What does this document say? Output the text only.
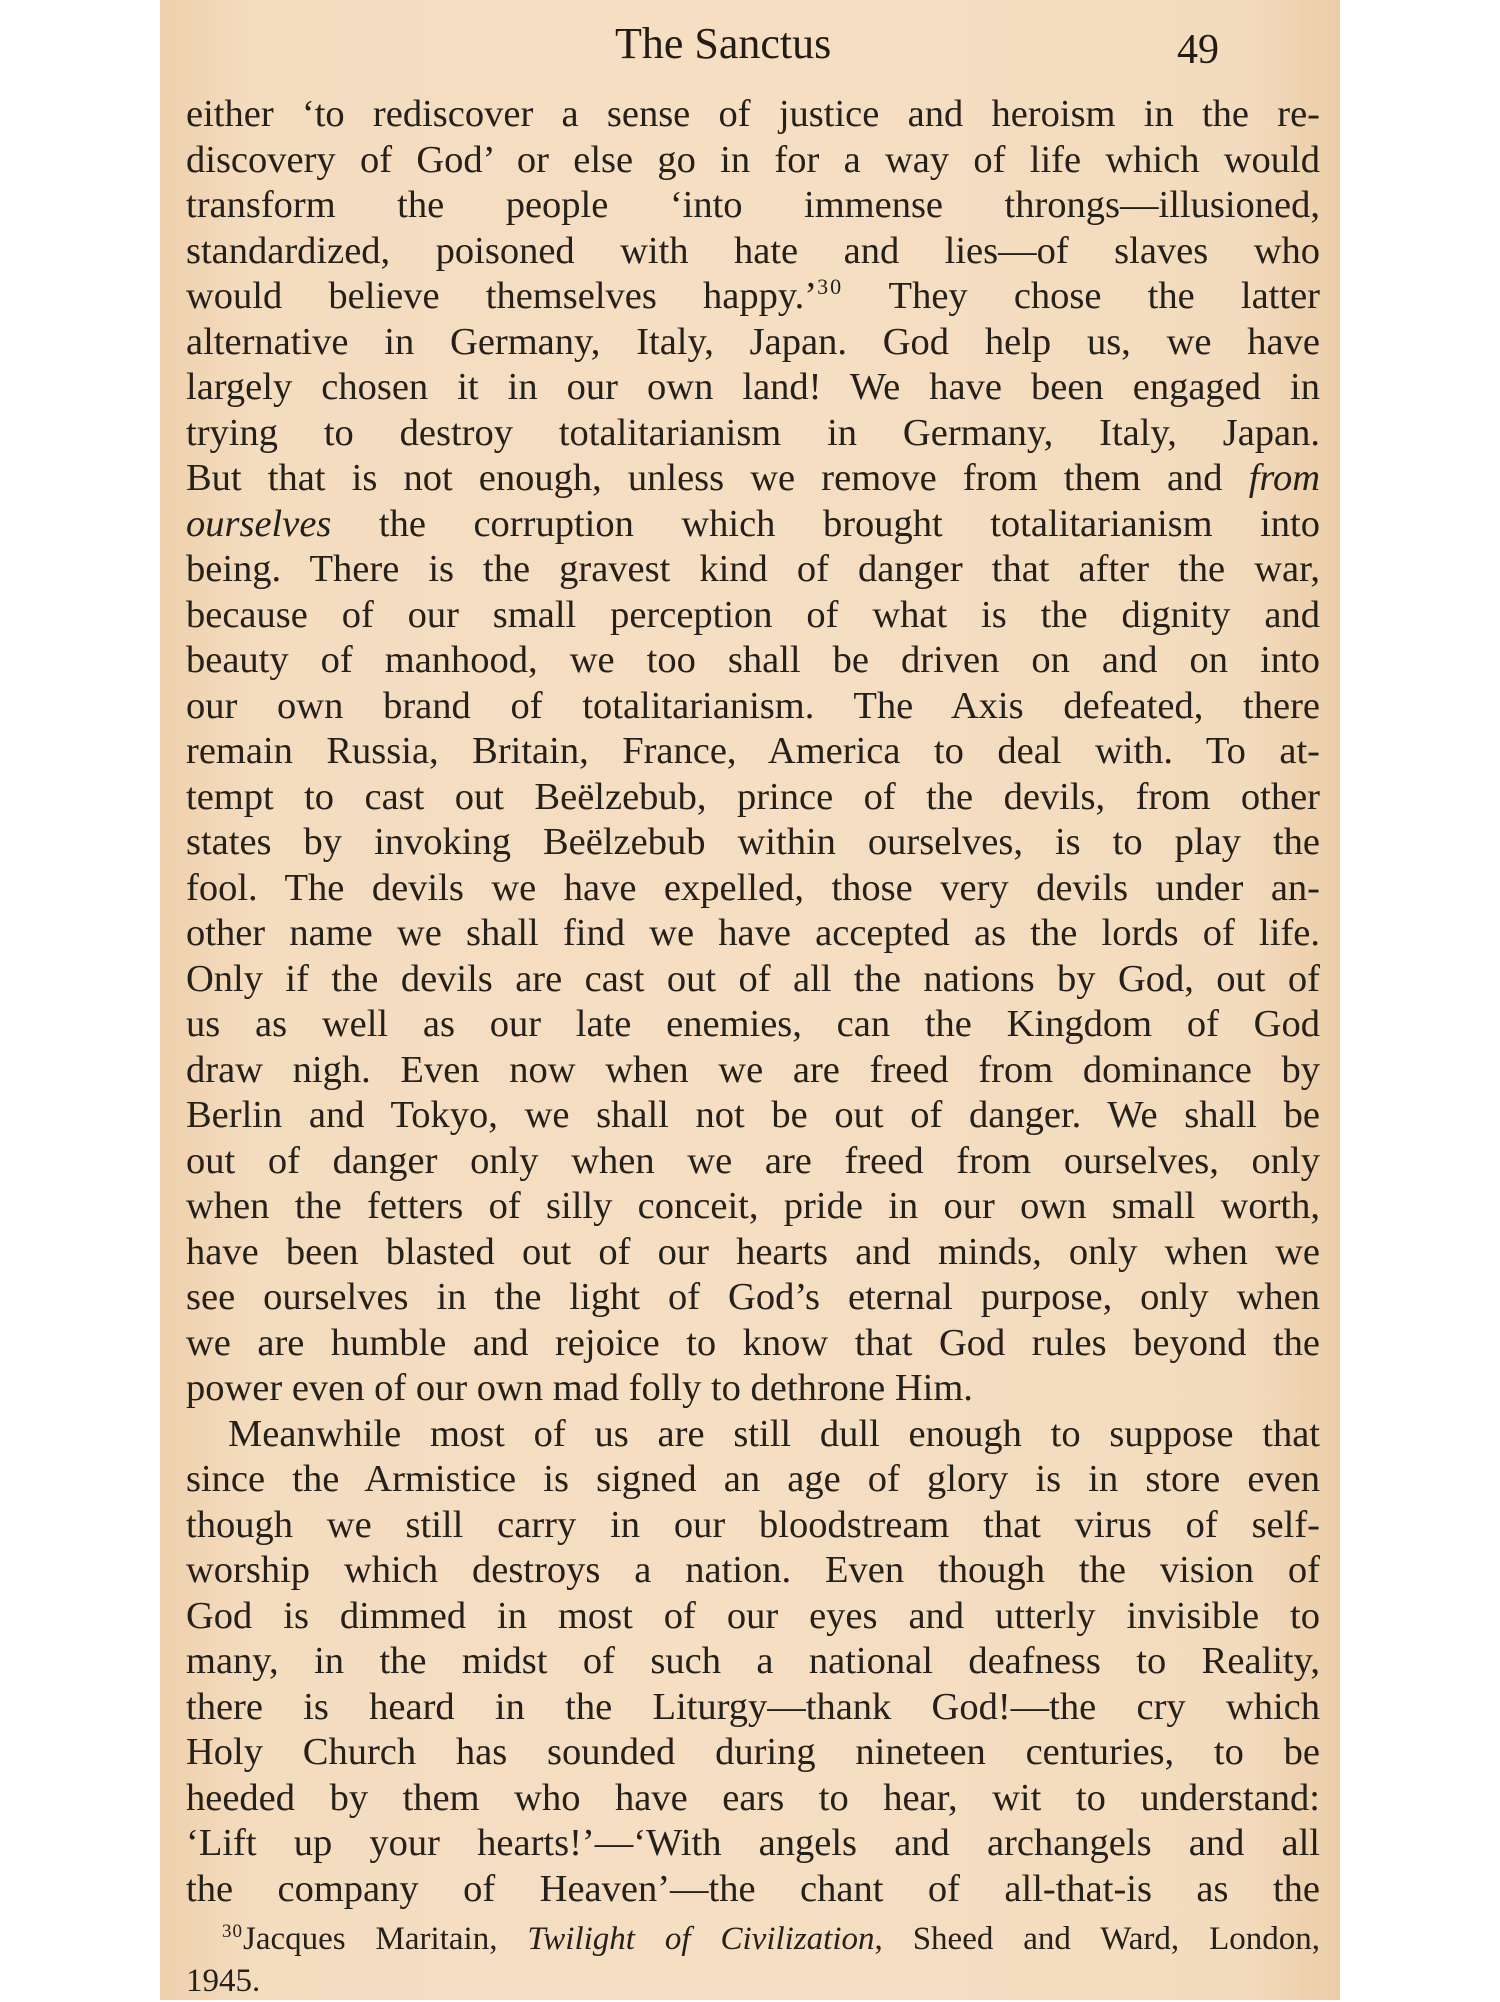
The Sanctus	49
either ‘to rediscover a sense of justice and heroism in the re-
discovery of God’ or else go in for a way of life which would
transform the people ‘into immense throngs—illusioned,
standardized, poisoned with hate and lies—of slaves who
would believe themselves happy.’$^{30}$ They chose the latter
alternative in Germany, Italy, Japan. God help us, we have
largely chosen it in our own land! We have been engaged in
trying to destroy totalitarianism in Germany, Italy, Japan.
But that is not enough, unless we remove from them and from
ourselves the corruption which brought totalitarianism into
being. There is the gravest kind of danger that after the war,
because of our small perception of what is the dignity and
beauty of manhood, we too shall be driven on and on into
our own brand of totalitarianism. The Axis defeated, there
remain Russia, Britain, France, America to deal with. To at-
tempt to cast out Beëlzebub, prince of the devils, from other
states by invoking Beëlzebub within ourselves, is to play the
fool. The devils we have expelled, those very devils under an-
other name we shall find we have accepted as the lords of life.
Only if the devils are cast out of all the nations by God, out of
us as well as our late enemies, can the Kingdom of God
draw nigh. Even now when we are freed from dominance by
Berlin and Tokyo, we shall not be out of danger. We shall be
out of danger only when we are freed from ourselves, only
when the fetters of silly conceit, pride in our own small worth,
have been blasted out of our hearts and minds, only when we
see ourselves in the light of God’s eternal purpose, only when
we are humble and rejoice to know that God rules beyond the
power even of our own mad folly to dethrone Him.
Meanwhile most of us are still dull enough to suppose that
since the Armistice is signed an age of glory is in store even
though we still carry in our bloodstream that virus of self-
worship which destroys a nation. Even though the vision of
God is dimmed in most of our eyes and utterly invisible to
many, in the midst of such a national deafness to Reality,
there is heard in the Liturgy—thank God!—the cry which
Holy Church has sounded during nineteen centuries, to be
heeded by them who have ears to hear, wit to understand:
‘Lift up your hearts!’—‘With angels and archangels and all
the company of Heaven’—the chant of all-that-is as the
$^{30}$Jacques Maritain, Twilight of Civilization, Sheed and Ward, London,
1945.
